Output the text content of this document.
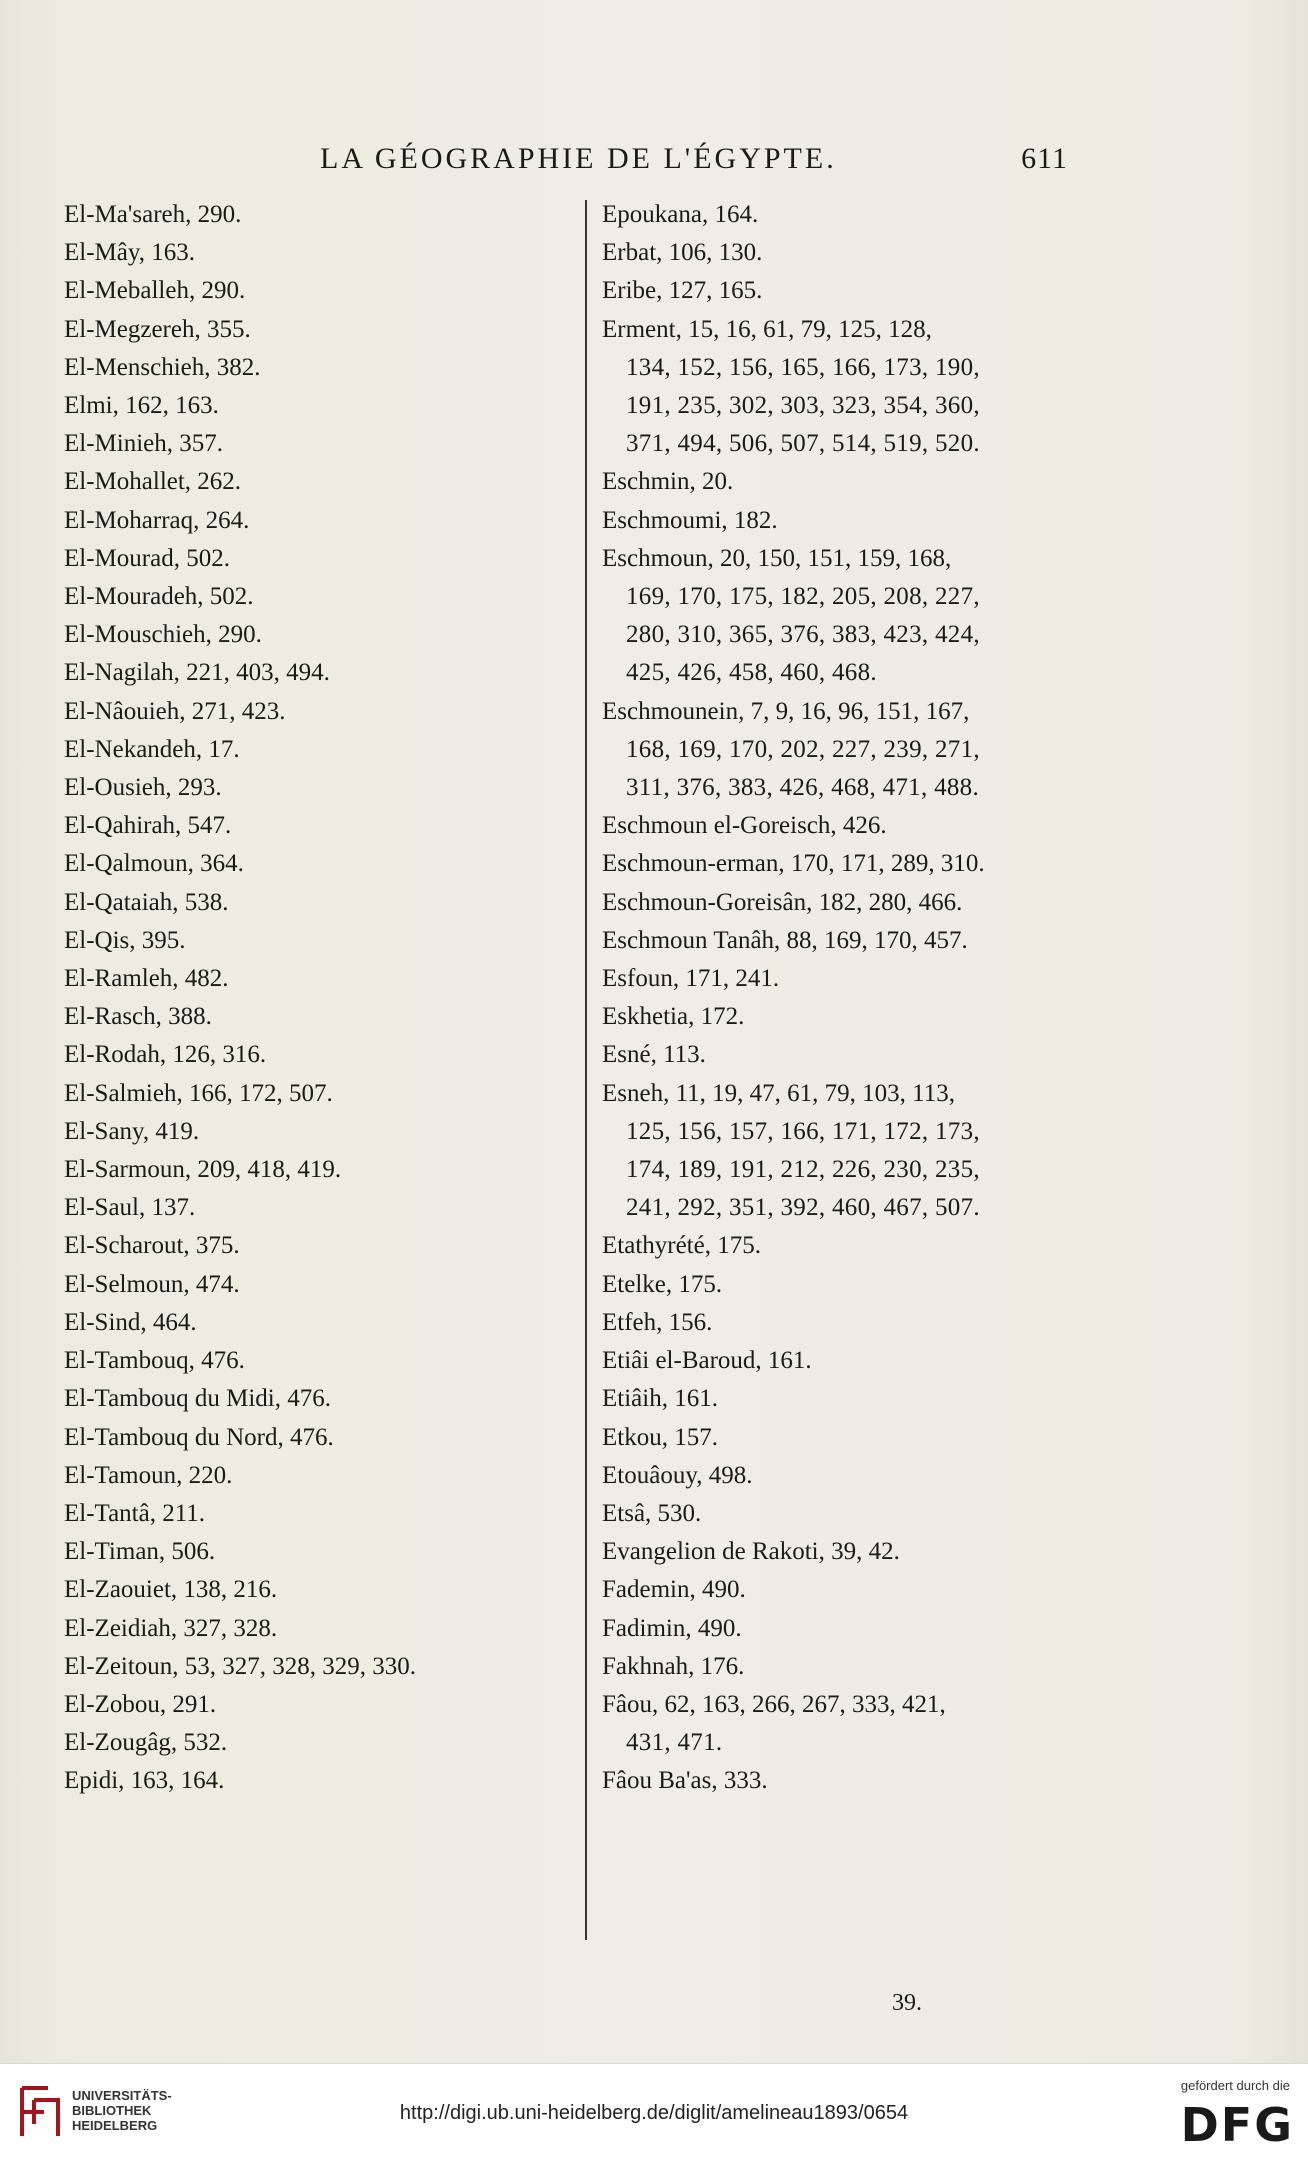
LA GÉOGRAPHIE DE L'ÉGYPTE.	611
El-Ma'sareh, 290.
El-Mây, 163.
El-Meballeh, 290.
El-Megzereh, 355.
El-Menschieh, 382.
Elmi, 162, 163.
El-Minieh, 357.
El-Mohallet, 262.
El-Moharraq, 264.
El-Mourad, 502.
El-Mouradeh, 502.
El-Mouschieh, 290.
El-Nagilah, 221, 403, 494.
El-Nâouieh, 271, 423.
El-Nekandeh, 17.
El-Ousieh, 293.
El-Qahirah, 547.
El-Qalmoun, 364.
El-Qataiah, 538.
El-Qis, 395.
El-Ramleh, 482.
El-Rasch, 388.
El-Rodah, 126, 316.
El-Salmieh, 166, 172, 507.
El-Sany, 419.
El-Sarmoun, 209, 418, 419.
El-Saul, 137.
El-Scharout, 375.
El-Selmoun, 474.
El-Sind, 464.
El-Tambouq, 476.
El-Tambouq du Midi, 476.
El-Tambouq du Nord, 476.
El-Tamoun, 220.
El-Tantâ, 211.
El-Timan, 506.
El-Zaouiet, 138, 216.
El-Zeidiah, 327, 328.
El-Zeitoun, 53, 327, 328, 329, 330.
El-Zobou, 291.
El-Zougâg, 532.
Epidi, 163, 164.
Epoukana, 164.
Erbat, 106, 130.
Eribe, 127, 165.
Erment, 15, 16, 61, 79, 125, 128,
134, 152, 156, 165, 166, 173, 190,
191, 235, 302, 303, 323, 354, 360,
371, 494, 506, 507, 514, 519, 520.
Eschmin, 20.
Eschmoumi, 182.
Eschmoun, 20, 150, 151, 159, 168,
169, 170, 175, 182, 205, 208, 227,
280, 310, 365, 376, 383, 423, 424,
425, 426, 458, 460, 468.
Eschmounein, 7, 9, 16, 96, 151, 167,
168, 169, 170, 202, 227, 239, 271,
311, 376, 383, 426, 468, 471, 488.
Eschmoun el-Goreisch, 426.
Eschmoun-erman, 170, 171, 289, 310.
Eschmoun-Goreisân, 182, 280, 466.
Eschmoun Tanâh, 88, 169, 170, 457.
Esfoun, 171, 241.
Eskhetia, 172.
Esné, 113.
Esneh, 11, 19, 47, 61, 79, 103, 113,
125, 156, 157, 166, 171, 172, 173,
174, 189, 191, 212, 226, 230, 235,
241, 292, 351, 392, 460, 467, 507.
Etathyrété, 175.
Etelke, 175.
Etfeh, 156.
Etiâi el-Baroud, 161.
Etiâih, 161.
Etkou, 157.
Etouâouy, 498.
Etsâ, 530.
Evangelion de Rakoti, 39, 42.
Fademin, 490.
Fadimin, 490.
Fakhnah, 176.
Fâou, 62, 163, 266, 267, 333, 421,
431, 471.
Fâou Ba'as, 333.
39.
UNIVERSITÄTS-
BIBLIOTHEK
HEIDELBERG
http://digi.ub.uni-heidelberg.de/diglit/amelineau1893/0654
gefördert durch die
DFG
